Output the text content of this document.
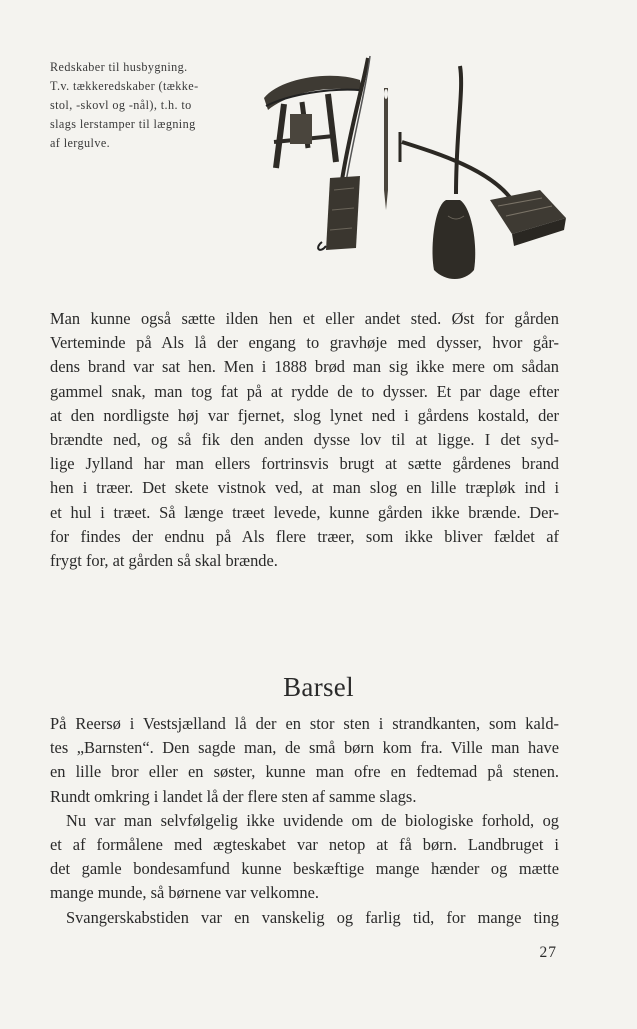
Redskaber til husbygning.
T.v. tækkeredskaber (tække-
stol, -skovl og -nål), t.h. to
slags lerstamper til lægning
af lergulve.
Man kunne også sætte ilden hen et eller andet sted. Øst for gården
Verteminde på Als lå der engang to gravhøje med dysser, hvor går-
dens brand var sat hen. Men i 1888 brød man sig ikke mere om sådan
gammel snak, man tog fat på at rydde de to dysser. Et par dage efter
at den nordligste høj var fjernet, slog lynet ned i gårdens kostald, der
brændte ned, og så fik den anden dysse lov til at ligge. I det syd-
lige Jylland har man ellers fortrinsvis brugt at sætte gårdenes brand
hen i træer. Det skete vistnok ved, at man slog en lille træpløk ind i
et hul i træet. Så længe træet levede, kunne gården ikke brænde. Der-
for findes der endnu på Als flere træer, som ikke bliver fældet af
frygt for, at gården så skal brænde.
Barsel
På Reersø i Vestsjælland lå der en stor sten i strandkanten, som kald-
tes „Barnsten“. Den sagde man, de små børn kom fra. Ville man have
en lille bror eller en søster, kunne man ofre en fedtemad på stenen.
Rundt omkring i landet lå der flere sten af samme slags.
Nu var man selvfølgelig ikke uvidende om de biologiske forhold, og
et af formålene med ægteskabet var netop at få børn. Landbruget i
det gamle bondesamfund kunne beskæftige mange hænder og mætte
mange munde, så børnene var velkomne.
Svangerskabstiden var en vanskelig og farlig tid, for mange ting
27
